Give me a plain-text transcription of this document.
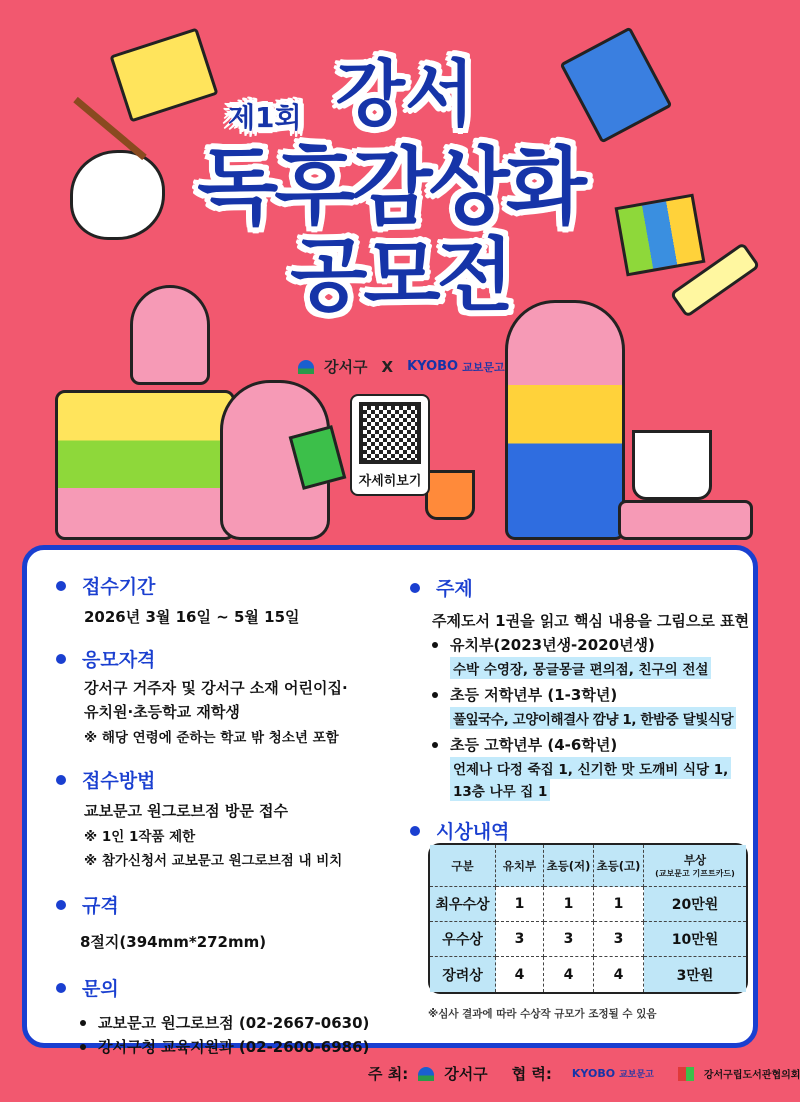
제1회 강서
독후감상화
공모전
강서구 X KYOBO 교보문고
자세히보기
접수기간
2026년 3월 16일 ~ 5월 15일
응모자격
강서구 거주자 및 강서구 소재 어린이집·
유치원·초등학교 재학생
※ 해당 연령에 준하는 학교 밖 청소년 포함
접수방법
교보문고 원그로브점 방문 접수
※ 1인 1작품 제한
※ 참가신청서 교보문고 원그로브점 내 비치
규격
8절지(394mm*272mm)
문의
교보문고 원그로브점 (02-2667-0630)
강서구청 교육지원과 (02-2600-6986)
주제
주제도서 1권을 읽고 핵심 내용을 그림으로 표현
유치부(2023년생-2020년생)
수박 수영장, 몽글몽글 편의점, 친구의 전설
초등 저학년부 (1-3학년)
풀잎국수, 고양이해결사 깜냥 1, 한밤중 달빛식당
초등 고학년부 (4-6학년)
언제나 다정 죽집 1, 신기한 맛 도깨비 식당 1,
13층 나무 집 1
시상내역
구분	유치부	초등(저)	초등(고)	부상
(교보문고 기프트카드)

최우수상	1	1	1	20만원
우수상	3	3	3	10만원
장려상	4	4	4	3만원
※심사 결과에 따라 수상작 규모가 조정될 수 있음
주 최: 강서구 협 력: KYOBO 교보문고	강서구립도서관협의회
